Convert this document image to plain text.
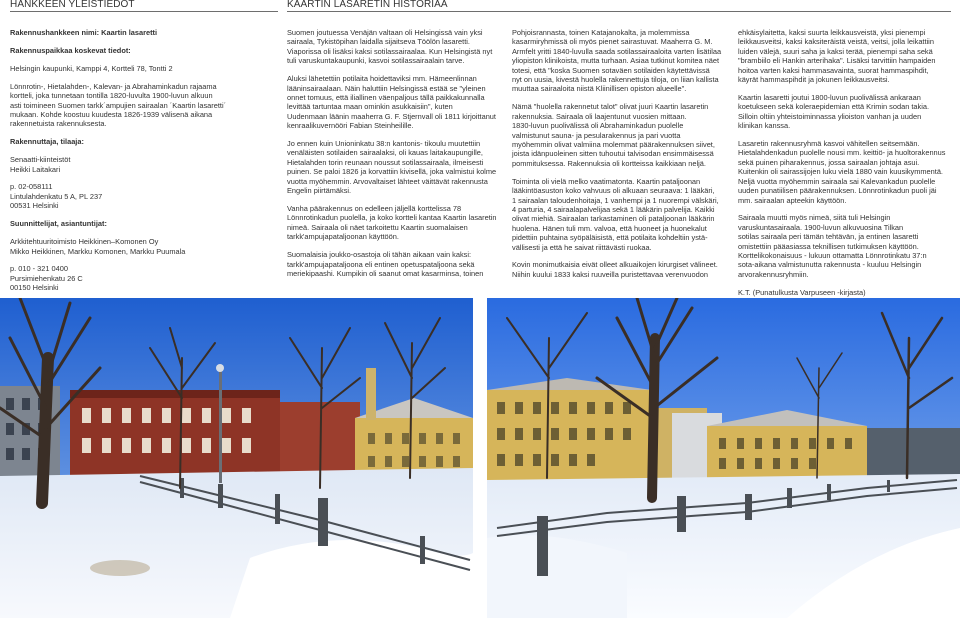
HANKKEEN YLEISTIEDOT	KAARTIN LASARETIN HISTORIAA

Rakennushankkeen nimi: Kaartin lasaretti

Rakennuspaikkaa koskevat tiedot:

Helsingin kaupunki, Kamppi 4, Kortteli 78, Tontti 2

Lönnrotin-, Hietalahden-, Kalevan- ja Abrahaminkadun rajaama
kortteli, joka tunnetaan tontilla 1820-luvulta 1900-luvun alkuun
asti toimineen Suomen tarkk´ampujien sairaalan ´Kaartin lasaretti´
mukaan. Kohde koostuu kuudesta 1826-1939 välisenä aikana
rakennetuista rakennuksesta.

Rakennuttaja, tilaaja:

Senaatti-kiinteistöt
Heikki Laitakari

p. 02-058111
Lintulahdenkatu 5 A, PL 237
00531 Helsinki

Suunnittelijat, asiantuntijat:

Arkkitehtuuritoimisto Heikkinen–Komonen Oy
Mikko Heikkinen, Markku Komonen, Markku Puumala

p. 010 - 321 0400
Pursimiehenkatu 26 C
00150 Helsinki

Suomen joutuessa Venäjän valtaan oli Helsingissä vain yksi
sairaala, Tykistöpihan laidalla sijaitseva Töölön lasaretti.
Viaporissa oli lisäksi kaksi sotilassairaalaa. Kun Helsingistä nyt
tuli varuskuntakaupunki, kasvoi sotilassairaalain tarve.

Aluksi lähetettiin potilaita hoidettaviksi mm. Hämeenlinnan
lääninsairaalaan. Näin haluttiin Helsingissä estää se "yleinen
onnet tomuus, että iliallinen väenpaljous tällä paikkakunnalla
levittää tartuntaa maan ominkin asukkaisiin", kuten
Uudenmaan läänin maaherra G. F. Stjernvall oli 1811 kirjoittanut
kenraalikuvernööri Fabian Steinheilille.

Jo ennen kuin Unioninkatu 38:n kantonis- tikoulu muutettiin
venäläisten sotilaiden sairaalaksi, oli kauas laitakaupungille,
Hietalahden torin reunaan noussut sotilassairaala, ilmeisesti
puinen. Se paloi 1826 ja korvattiin kivisellä, joka valmistui kolme
vuotta myöhemmin. Arvovaltaiset lähteet väittävät rakennusta
Engelin piirtämäksi.

Vanha päärakennus on edelleen jäljellä korttelissa 78
Lönnrotinkadun puolella, ja koko kortteli kantaa Kaartin lasaretin
nimeä. Sairaala oli näet tarkoitettu Kaartin suomalaisen
tarkk'ampujapataljoonan käyttöön.

Suomalaisia joukko-osastoja oli tähän aikaan vain kaksi:
tarkk'ampujapataljoona eli entinen opetuspataljoona sekä
meriekipaashi. Kumpikin oli saanut omat kasarminsa, toinen

Pohjoisrannasta, toinen Katajanokalta, ja molemmissa
kasarmiryhmissä oli myös pienet sairastuvat. Maaherra G. M.
Armfelt yritti 1840-luvulla saada sotilassairaaloita varten lisätilaa
yliopiston klinikoista, mutta turhaan. Asiaa tutkinut komitea näet
totesi, että "koska Suomen sotaväen sotilaiden käytettävissä
nyt on uusia, kivestä huolella rakennettuja tiloja, on liian kallista
muuttaa sairaaloita niistä Kliinillisen opiston alueelle".

Nämä "huolella rakennetut talot" olivat juuri Kaartin lasaretin
rakennuksia. Sairaala oli laajentunut vuosien mittaan.
1830-luvun puolivälissä oli Abrahaminkadun puolelle
valmistunut sauna- ja pesularakennus ja pari vuotta
myöhemmin olivat valmiina molemmat päärakennuksen siivet,
joista idänpuoleinen sitten tuhoutui talvisodan ensimmäisessä
pommituksessa. Rakennuksia oli kortteissa kaikkiaan neljä.

Toiminta oli vielä melko vaatimatonta. Kaartin pataljoonan
lääkintöasuston koko vahvuus oli alkuaan seuraava: 1 lääkäri,
1 sairaalan taloudenhoitaja, 1 vanhempi ja 1 nuorempi välskäri,
4 parturia, 4 sairaalapalvelijaa sekä 1 lääkärin palvelija. Kaikki
olivat miehiä. Sairaalan tarkastaminen oli pataljoonan lääkärin
huolena. Hänen tuli mm. valvoa, että huoneet ja huonekalut
pidettiin puhtaina syöpäläisistä, että potilaita kohdeltiin ystä-
vällisesti ja että he saivat riittävästi ruokaa.

Kovin monimutkaisia eivät olleet alkuaikojen kirurgiset välineet.
Niihin kuului 1833 kaksi ruuveilla puristettavaa verenvuodon

ehkäisylaitetta, kaksi suurta leikkausveistä, yksi pienempi
leikkausveitsi, kaksi kaksiteräistä veistä, veitsi, jolla leikattiin
luiden välejä, suuri saha ja kaksi terää, pienempi saha sekä
"brambiilo eli Hankin arterihaka". Lisäksi tarvittiin hampaiden
hoitoa varten kaksi hammasavainta, suorat hammaspihdit,
käyrät hammaspihdit ja jokunen leikkausveitsi.

Kaartin lasaretti joutui 1800-luvun puolivälissä ankaraan
koetukseen sekä koleraepidemian että Krimin sodan takia.
Silloin oltiin yhteistoiminnassa ylioiston vanhan ja uuden
klinikan kanssa.

Lasaretin rakennusryhmä kasvoi vähitellen seitsemään.
Hietalahdenkadun puolelle nousi mm. keittiö- ja huoltorakennus
sekä puinen piharakennus, jossa sairaalan johtaja asui.
Kuitenkin oli sairassijojen luku vielä 1880 vain kuusikymmentä.
Neljä vuotta myöhemmin sairaala sai Kalevankadun puolelle
uuden punatiilisen päärakennuksen. Lönnrotinkadun puoli jäi
mm. sairaalan apteekin käyttöön.

Sairaala muutti myös nimeä, siitä tuli Helsingin
varuskuntasairaala. 1900-luvun alkuvuosina Tilkan
sotilas sairaala peri tämän tehtävän, ja entinen lasaretti
omistettiin pääasiassa teknillisen tutkimuksen käyttöön.
Korttelikokonaisuus - lukuun ottamatta Lönnrotinkatu 37:n
sota-aikana valmistunutta rakennusta - kuuluu Helsingin
arvorakennusryhmiin.

K.T. (Punatulkusta Varpuseen -kirjasta)
